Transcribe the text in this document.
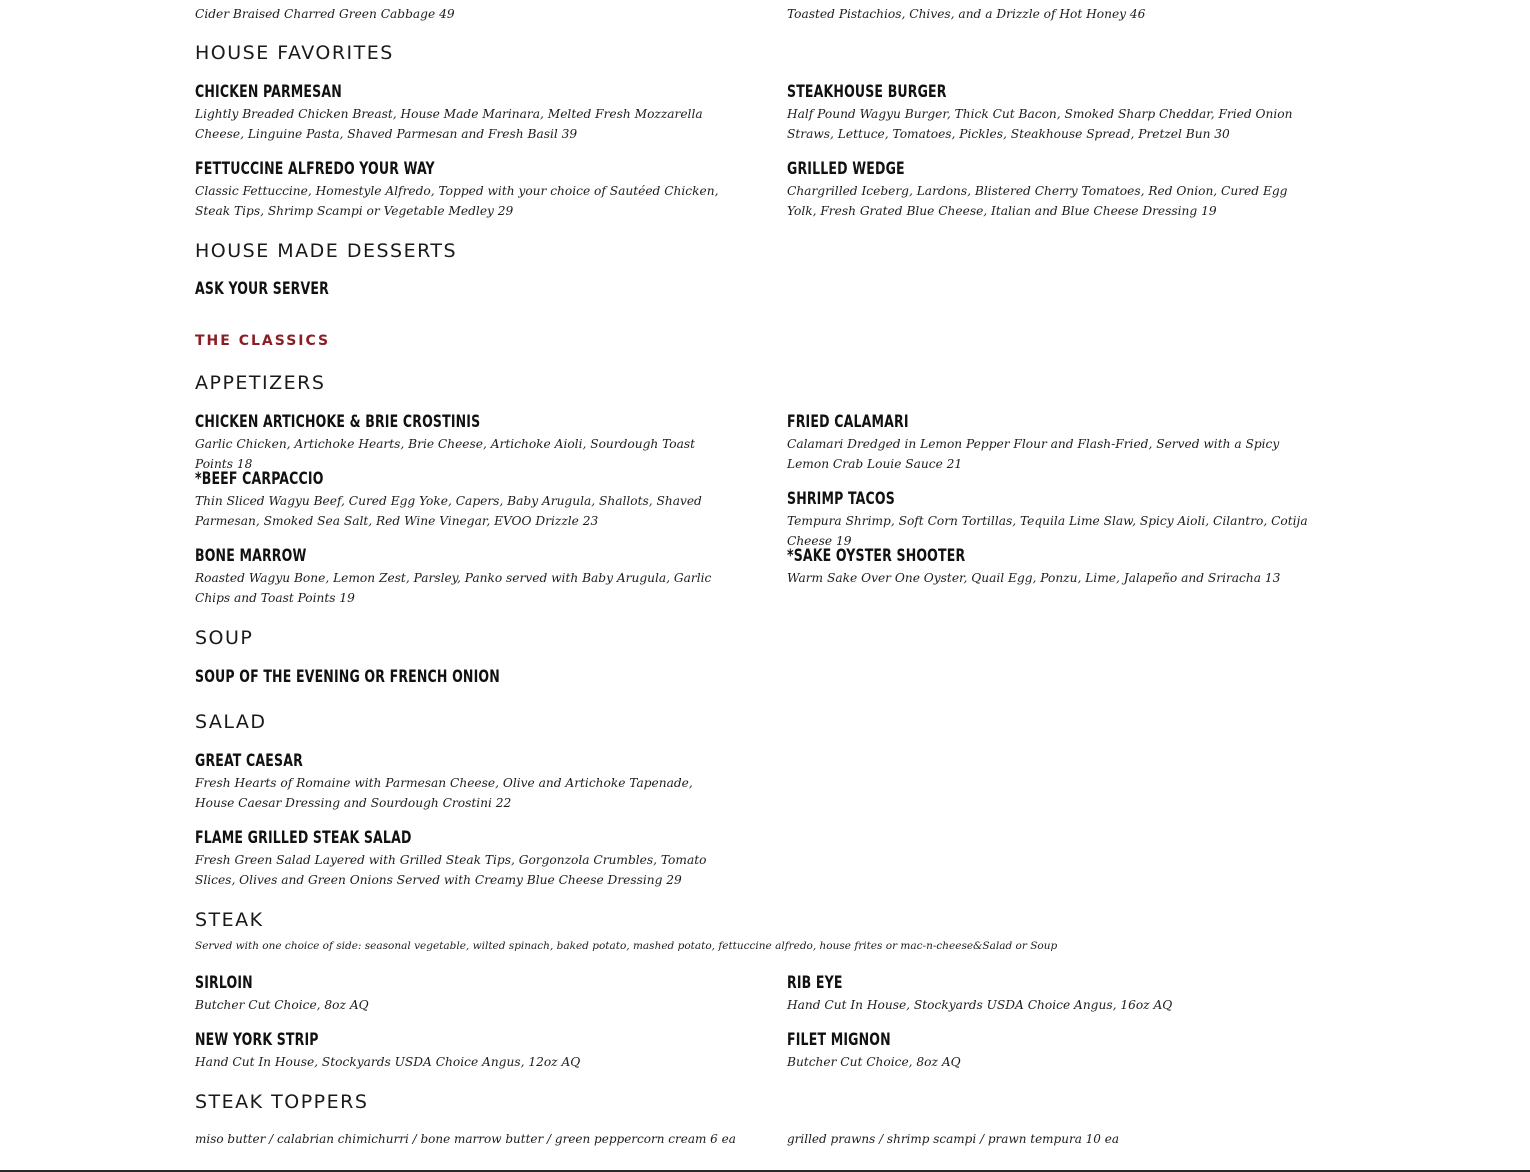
Cider Braised Charred Green Cabbage 49	Toasted Pistachios, Chives, and a Drizzle of Hot Honey 46

HOUSE FAVORITES
CHICKEN PARMESAN

Lightly Breaded Chicken Breast, House Made Marinara, Melted Fresh Mozzarella Cheese, Linguine Pasta, Shaved Parmesan and Fresh Basil 39

STEAKHOUSE BURGER

Half Pound Wagyu Burger, Thick Cut Bacon, Smoked Sharp Cheddar, Fried Onion Straws, Lettuce, Tomatoes, Pickles, Steakhouse Spread, Pretzel Bun 30

FETTUCCINE ALFREDO YOUR WAY

Classic Fettuccine, Homestyle Alfredo, Topped with your choice of Sautéed Chicken, Steak Tips, Shrimp Scampi or Vegetable Medley 29

GRILLED WEDGE

Chargrilled Iceberg, Lardons, Blistered Cherry Tomatoes, Red Onion, Cured Egg Yolk, Fresh Grated Blue Cheese, Italian and Blue Cheese Dressing 19

HOUSE MADE DESSERTS
ASK YOUR SERVER
THE CLASSICS
APPETIZERS
CHICKEN ARTICHOKE & BRIE CROSTINIS

Garlic Chicken, Artichoke Hearts, Brie Cheese, Artichoke Aioli, Sourdough Toast Points 18

FRIED CALAMARI

Calamari Dredged in Lemon Pepper Flour and Flash-Fried, Served with a Spicy Lemon Crab Louie Sauce 21

*BEEF CARPACCIO

Thin Sliced Wagyu Beef, Cured Egg Yoke, Capers, Baby Arugula, Shallots, Shaved Parmesan, Smoked Sea Salt, Red Wine Vinegar, EVOO Drizzle 23

SHRIMP TACOS

Tempura Shrimp, Soft Corn Tortillas, Tequila Lime Slaw, Spicy Aioli, Cilantro, Cotija Cheese 19

BONE MARROW

Roasted Wagyu Bone, Lemon Zest, Parsley, Panko served with Baby Arugula, Garlic Chips and Toast Points 19

*SAKE OYSTER SHOOTER

Warm Sake Over One Oyster, Quail Egg, Ponzu, Lime, Jalapeño and Sriracha 13

SOUP
SOUP OF THE EVENING OR FRENCH ONION
SALAD
GREAT CAESAR

Fresh Hearts of Romaine with Parmesan Cheese, Olive and Artichoke Tapenade, House Caesar Dressing and Sourdough Crostini 22

FLAME GRILLED STEAK SALAD

Fresh Green Salad Layered with Grilled Steak Tips, Gorgonzola Crumbles, Tomato Slices, Olives and Green Onions Served with Creamy Blue Cheese Dressing 29

STEAK

Served with one choice of side: seasonal vegetable, wilted spinach, baked potato, mashed potato, fettuccine alfredo, house frites or mac-n-cheese&Salad or Soup

SIRLOIN

Butcher Cut Choice, 8oz AQ

RIB EYE

Hand Cut In House, Stockyards USDA Choice Angus, 16oz AQ

NEW YORK STRIP

Hand Cut In House, Stockyards USDA Choice Angus, 12oz AQ

FILET MIGNON

Butcher Cut Choice, 8oz AQ

STEAK TOPPERS

miso butter / calabrian chimichurri / bone marrow butter / green peppercorn cream 6 ea	grilled prawns / shrimp scampi / prawn tempura 10 ea
